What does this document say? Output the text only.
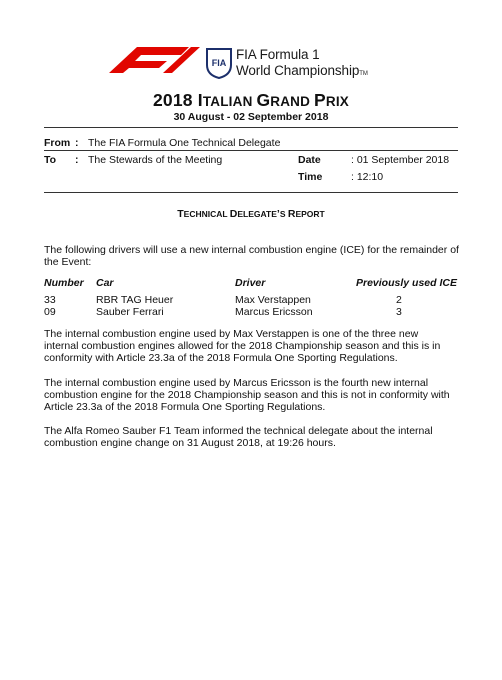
FIA
FIA Formula 1
World ChampionshipTM
2018 ITALIAN GRAND PRIX
30 August - 02 September 2018
From : The FIA Formula One Technical Delegate
To : The Stewards of the Meeting	Date	: 01 September 2018
Time	: 12:10
TECHNICAL DELEGATE’S REPORT
The following drivers will use a new internal combustion engine (ICE) for the remainder of the Event:
Number Car	Driver	Previously used ICE
33	RBR TAG Heuer	Max Verstappen	2
09	Sauber Ferrari	Marcus Ericsson	3
The internal combustion engine used by Max Verstappen is one of the three new internal combustion engines allowed for the 2018 Championship season and this is in conformity with Article 23.3a of the 2018 Formula One Sporting Regulations.
The internal combustion engine used by Marcus Ericsson is the fourth new internal combustion engine for the 2018 Championship season and this is not in conformity with Article 23.3a of the 2018 Formula One Sporting Regulations.
The Alfa Romeo Sauber F1 Team informed the technical delegate about the internal combustion engine change on 31 August 2018, at 19:26 hours.
